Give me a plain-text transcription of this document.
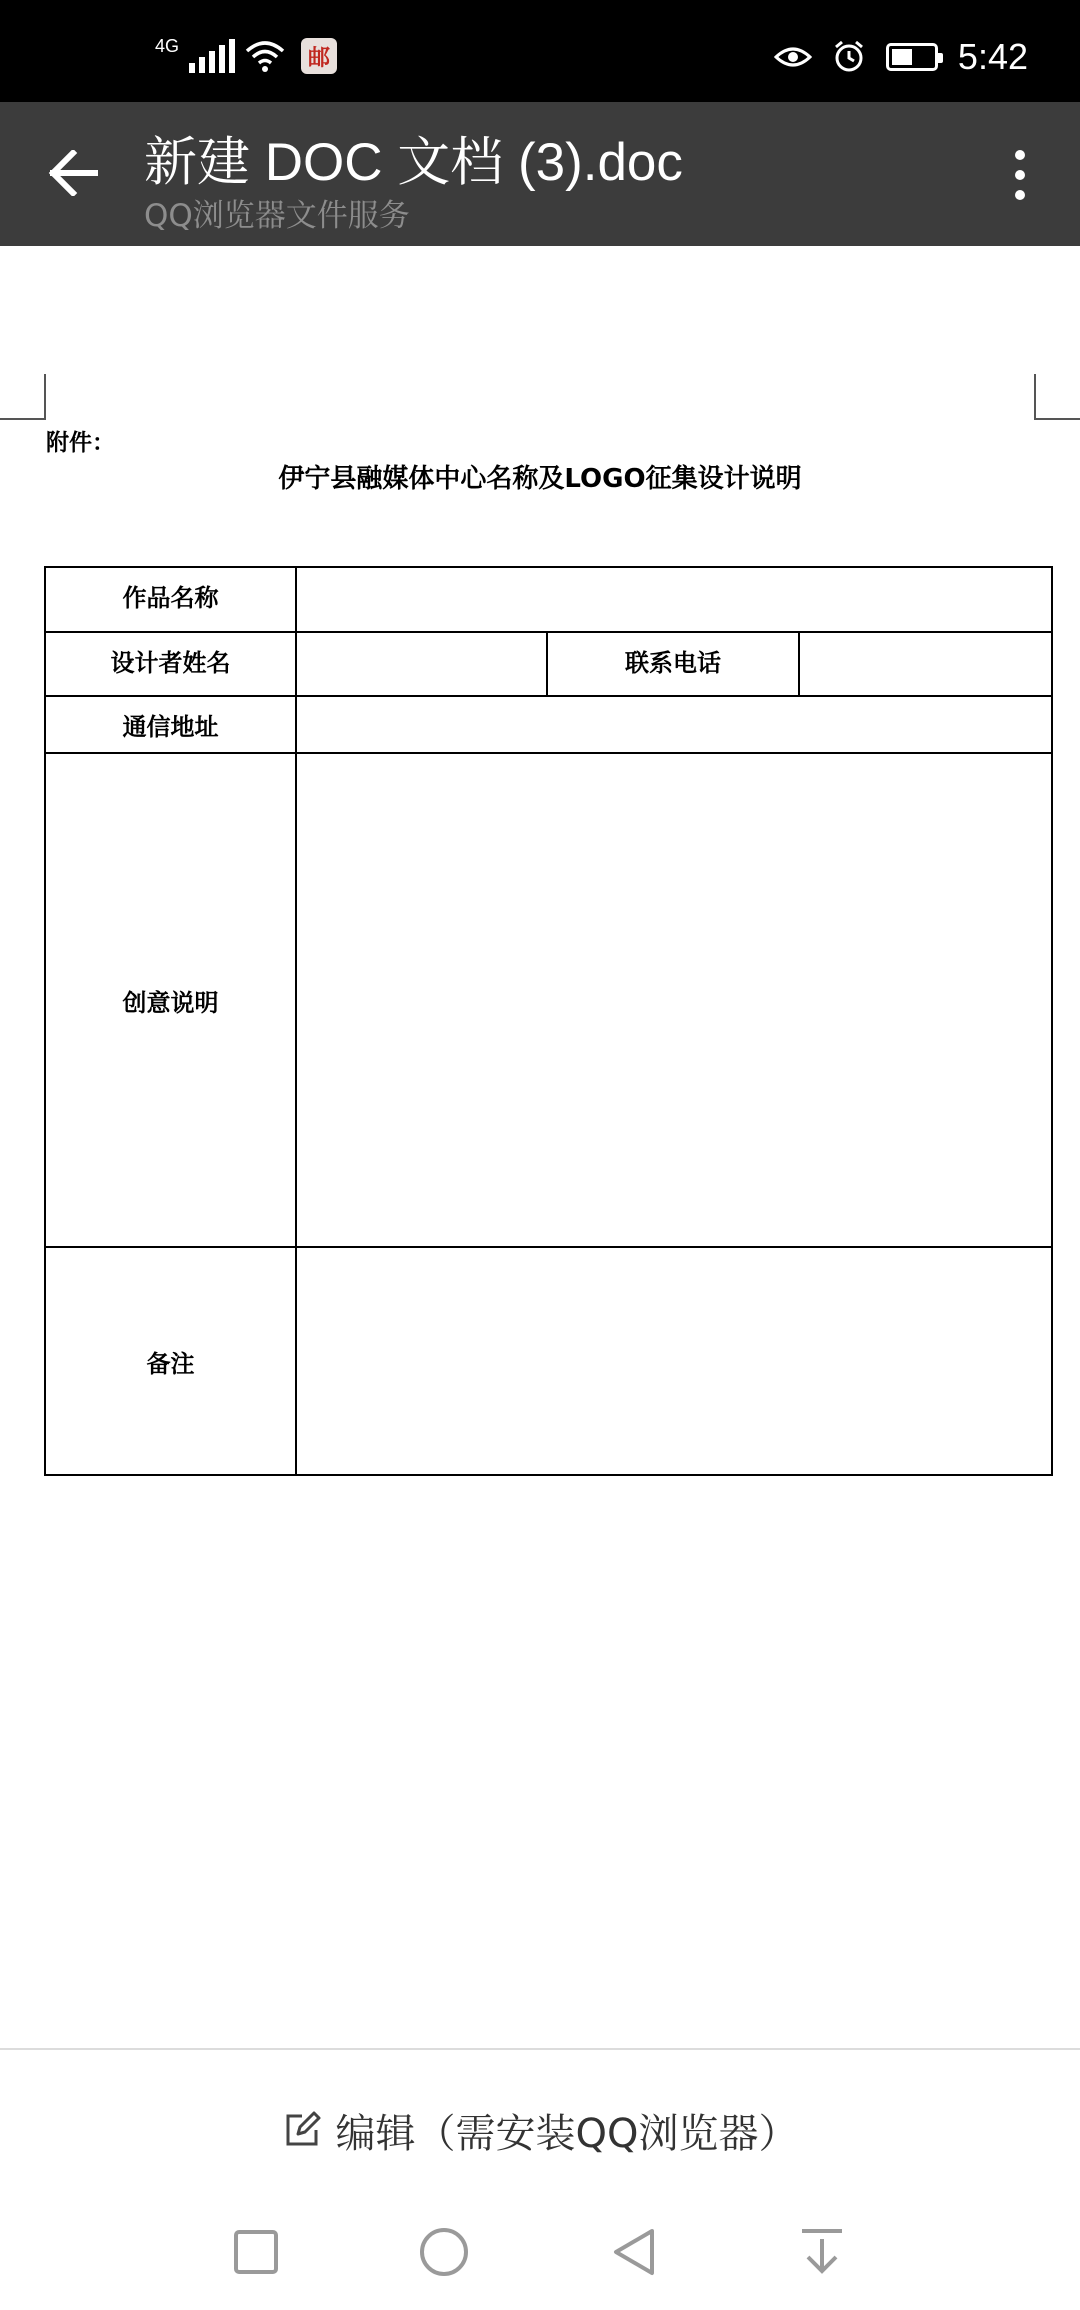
4G	邮	5:42
新建 DOC 文档 (3).doc
QQ浏览器文件服务
附件：
伊宁县融媒体中心名称及LOGO征集设计说明
作品名称			
设计者姓名		联系电话	
通信地址			
创意说明			
备注			
编辑（需安装QQ浏览器）
